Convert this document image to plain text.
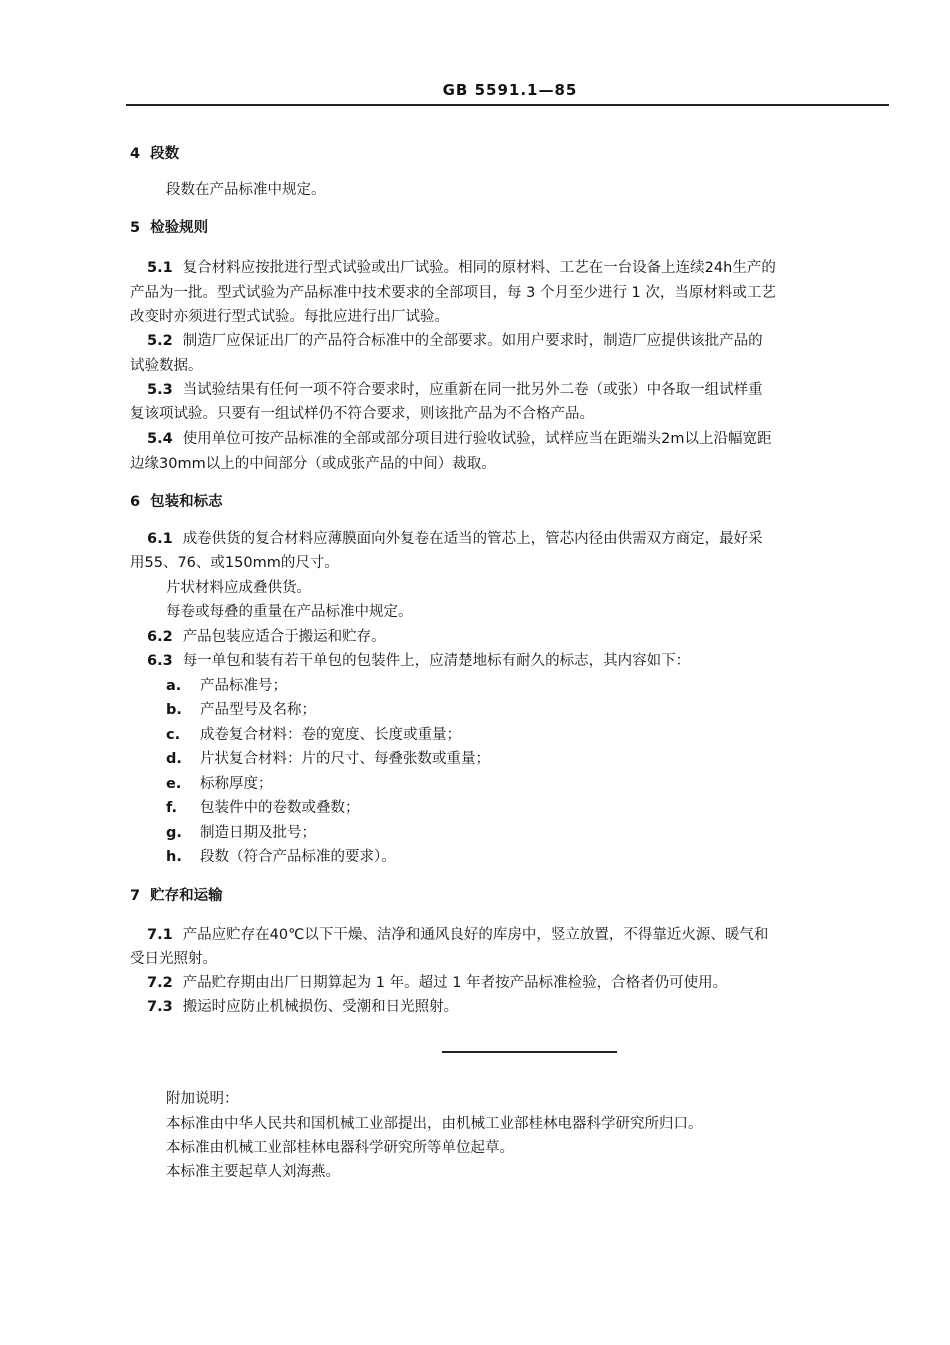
GB 5591.1—85
4 段数
段数在产品标准中规定。
5 检验规则
5.1 复合材料应按批进行型式试验或出厂试验。相同的原材料、工艺在一台设备上连续24h生产的
产品为一批。型式试验为产品标准中技术要求的全部项目，每 3 个月至少进行 1 次，当原材料或工艺
改变时亦须进行型式试验。每批应进行出厂试验。
5.2 制造厂应保证出厂的产品符合标准中的全部要求。如用户要求时，制造厂应提供该批产品的
试验数据。
5.3 当试验结果有任何一项不符合要求时，应重新在同一批另外二卷（或张）中各取一组试样重
复该项试验。只要有一组试样仍不符合要求，则该批产品为不合格产品。
5.4 使用单位可按产品标准的全部或部分项目进行验收试验，试样应当在距端头2m以上沿幅宽距
边缘30mm以上的中间部分（或成张产品的中间）裁取。
6 包装和标志
6.1 成卷供货的复合材料应薄膜面向外复卷在适当的管芯上，管芯内径由供需双方商定，最好采
用55、76、或150mm的尺寸。
片状材料应成叠供货。
每卷或每叠的重量在产品标准中规定。
6.2 产品包装应适合于搬运和贮存。
6.3 每一单包和装有若干单包的包装件上，应清楚地标有耐久的标志，其内容如下：
a. 产品标准号；
b. 产品型号及名称；
c. 成卷复合材料：卷的宽度、长度或重量；
d. 片状复合材料：片的尺寸、每叠张数或重量；
e. 标称厚度；
f. 包装件中的卷数或叠数；
g. 制造日期及批号；
h. 段数（符合产品标准的要求）。
7 贮存和运输
7.1 产品应贮存在40℃以下干燥、洁净和通风良好的库房中，竖立放置，不得靠近火源、暖气和
受日光照射。
7.2 产品贮存期由出厂日期算起为 1 年。超过 1 年者按产品标准检验，合格者仍可使用。
7.3 搬运时应防止机械损伤、受潮和日光照射。
附加说明：
本标准由中华人民共和国机械工业部提出，由机械工业部桂林电器科学研究所归口。
本标准由机械工业部桂林电器科学研究所等单位起草。
本标准主要起草人刘海燕。
